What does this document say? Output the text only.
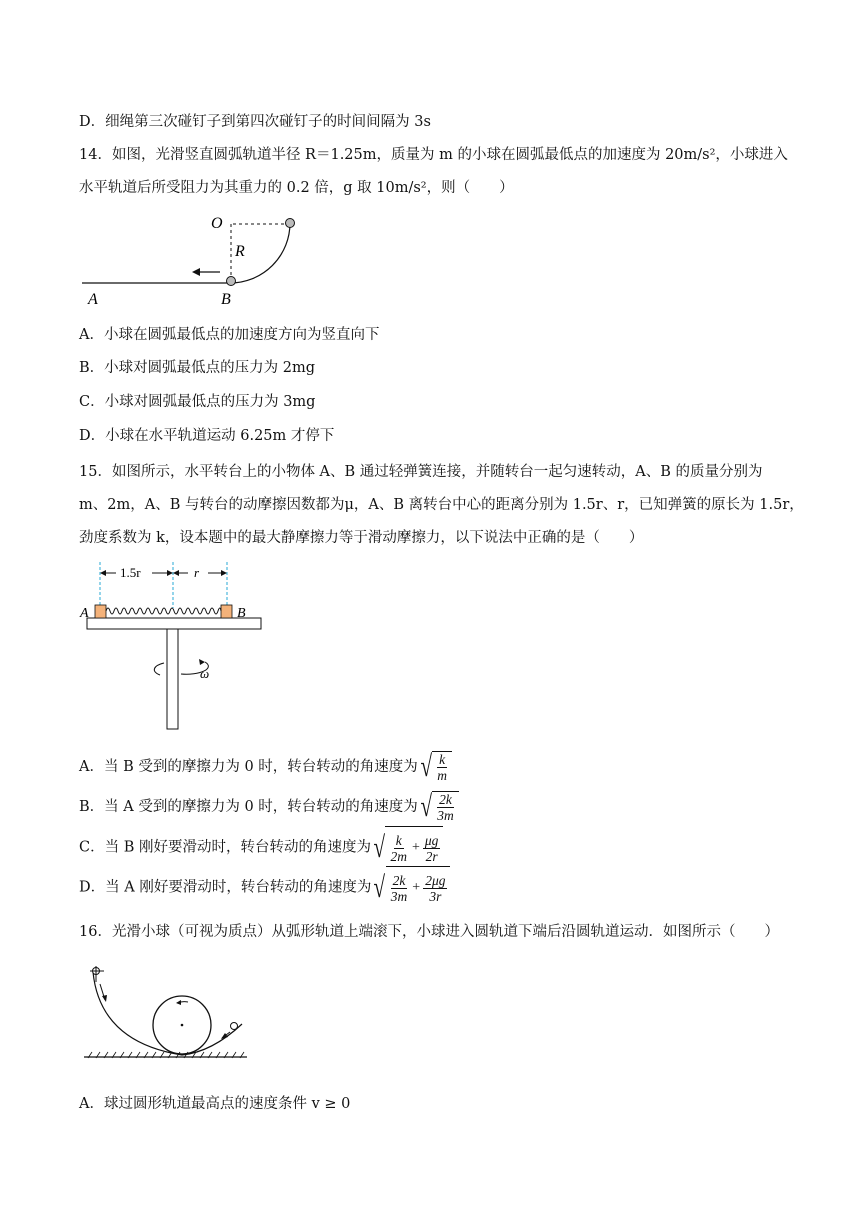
D．细绳第三次碰钉子到第四次碰钉子的时间间隔为 3s
14．如图，光滑竖直圆弧轨道半径 R＝1.25m，质量为 m 的小球在圆弧最低点的加速度为 20m/s²，小球进入
水平轨道后所受阻力为其重力的 0.2 倍，g 取 10m/s²，则（　　）
O
R
A	B
A．小球在圆弧最低点的加速度方向为竖直向下
B．小球对圆弧最低点的压力为 2mg
C．小球对圆弧最低点的压力为 3mg
D．小球在水平轨道运动 6.25m 才停下
15．如图所示，水平转台上的小物体 A、B 通过轻弹簧连接，并随转台一起匀速转动，A、B 的质量分别为
m、2m，A、B 与转台的动摩擦因数都为μ，A、B 离转台中心的距离分别为 1.5r、r，已知弹簧的原长为 1.5r，
劲度系数为 k，设本题中的最大静摩擦力等于滑动摩擦力，以下说法中正确的是（　　）
1.5r	r
A	B
ω
A．当 B 受到的摩擦力为 0 时，转台转动的角速度为 √ $\frac{k}{m}$
B．当 A 受到的摩擦力为 0 时，转台转动的角速度为 √ $\frac{2k}{3m}$
C．当 B 刚好要滑动时，转台转动的角速度为 √ $\frac{k}{2m} + \frac{\mu g}{2r}$
D．当 A 刚好要滑动时，转台转动的角速度为 √ $\frac{2k}{3m} + \frac{2\mu g}{3r}$
16．光滑小球（可视为质点）从弧形轨道上端滚下，小球进入圆轨道下端后沿圆轨道运动．如图所示（　　）
A．球过圆形轨道最高点的速度条件 v ≥ 0
